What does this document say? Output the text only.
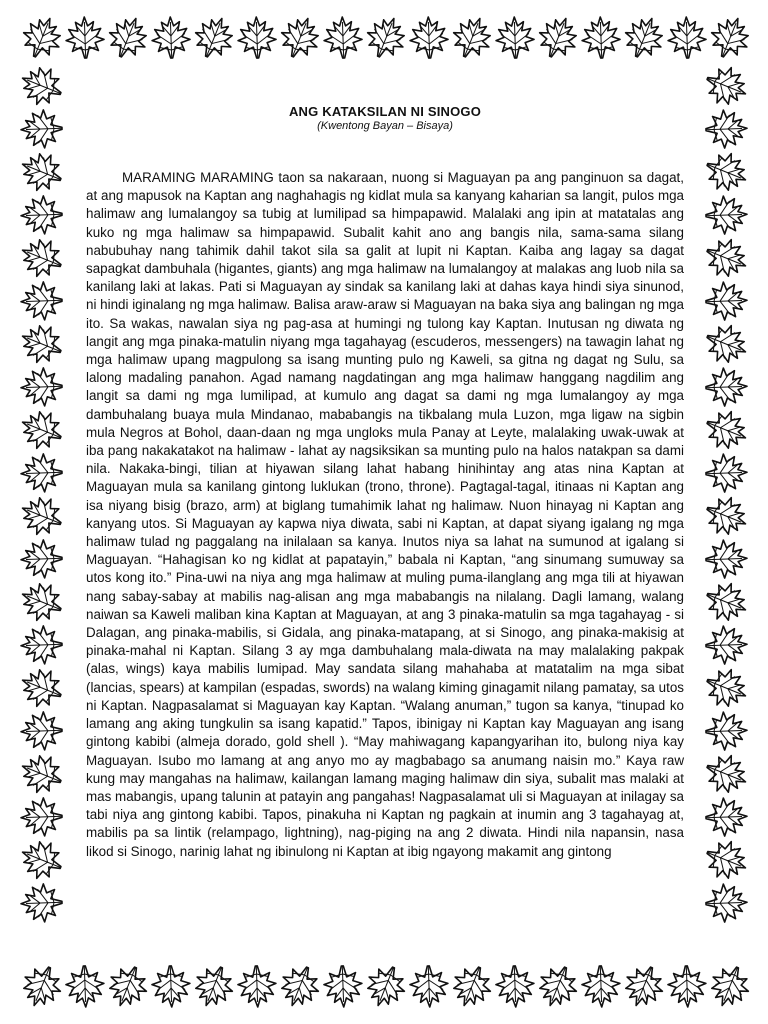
ANG KATAKSILAN NI SINOGO

(Kwentong Bayan – Bisaya)

MARAMING MARAMING taon sa nakaraan, nuong si Maguayan pa ang panginuon sa dagat, at ang mapusok na Kaptan ang naghahagis ng kidlat mula sa kanyang kaharian sa langit, pulos mga halimaw ang lumalangoy sa tubig at lumilipad sa himpapawid. Malalaki ang ipin at matatalas ang kuko ng mga halimaw sa himpapawid. Subalit kahit ano ang bangis nila, sama-sama silang nabubuhay nang tahimik dahil takot sila sa galit at lupit ni Kaptan. Kaiba ang lagay sa dagat sapagkat dambuhala (higantes, giants) ang mga halimaw na lumalangoy at malakas ang luob nila sa kanilang laki at lakas. Pati si Maguayan ay sindak sa kanilang laki at dahas kaya hindi siya sinunod, ni hindi iginalang ng mga halimaw. Balisa araw-araw si Maguayan na baka siya ang balingan ng mga ito. Sa wakas, nawalan siya ng pag-asa at humingi ng tulong kay Kaptan. Inutusan ng diwata ng langit ang mga pinaka-matulin niyang mga tagahayag (escuderos, messengers) na tawagin lahat ng mga halimaw upang magpulong sa isang munting pulo ng Kaweli, sa gitna ng dagat ng Sulu, sa lalong madaling panahon. Agad namang nagdatingan ang mga halimaw hanggang nagdilim ang langit sa dami ng mga lumilipad, at kumulo ang dagat sa dami ng mga lumalangoy ay mga dambuhalang buaya mula Mindanao, mababangis na tikbalang mula Luzon, mga ligaw na sigbin mula Negros at Bohol, daan-daan ng mga ungloks mula Panay at Leyte, malalaking uwak-uwak at iba pang nakakatakot na halimaw - lahat ay nagsiksikan sa munting pulo na halos natakpan sa dami nila. Nakaka-bingi, tilian at hiyawan silang lahat habang hinihintay ang atas nina Kaptan at Maguayan mula sa kanilang gintong luklukan (trono, throne). Pagtagal-tagal, itinaas ni Kaptan ang isa niyang bisig (brazo, arm) at biglang tumahimik lahat ng halimaw. Nuon hinayag ni Kaptan ang kanyang utos. Si Maguayan ay kapwa niya diwata, sabi ni Kaptan, at dapat siyang igalang ng mga halimaw tulad ng paggalang na inilalaan sa kanya. Inutos niya sa lahat na sumunod at igalang si Maguayan. “Hahagisan ko ng kidlat at papatayin,” babala ni Kaptan, “ang sinumang sumuway sa utos kong ito.” Pina-uwi na niya ang mga halimaw at muling puma-ilanglang ang mga tili at hiyawan nang sabay-sabay at mabilis nag-alisan ang mga mababangis na nilalang. Dagli lamang, walang naiwan sa Kaweli maliban kina Kaptan at Maguayan, at ang 3 pinaka-matulin sa mga tagahayag - si Dalagan, ang pinaka-mabilis, si Gidala, ang pinaka-matapang, at si Sinogo, ang pinaka-makisig at pinaka-mahal ni Kaptan. Silang 3 ay mga dambuhalang mala-diwata na may malalaking pakpak (alas, wings) kaya mabilis lumipad. May sandata silang mahahaba at matatalim na mga sibat (lancias, spears) at kampilan (espadas, swords) na walang kiming ginagamit nilang pamatay, sa utos ni Kaptan. Nagpasalamat si Maguayan kay Kaptan. “Walang anuman,” tugon sa kanya, “tinupad ko lamang ang aking tungkulin sa isang kapatid.” Tapos, ibinigay ni Kaptan kay Maguayan ang isang gintong kabibi (almeja dorado, gold shell ). “May mahiwagang kapangyarihan ito, bulong niya kay Maguayan. Isubo mo lamang at ang anyo mo ay magbabago sa anumang naisin mo.” Kaya raw kung may mangahas na halimaw, kailangan lamang maging halimaw din siya, subalit mas malaki at mas mabangis, upang talunin at patayin ang pangahas! Nagpasalamat uli si Maguayan at inilagay sa tabi niya ang gintong kabibi. Tapos, pinakuha ni Kaptan ng pagkain at inumin ang 3 tagahayag at, mabilis pa sa lintik (relampago, lightning), nag-piging na ang 2 diwata. Hindi nila napansin, nasa likod si Sinogo, narinig lahat ng ibinulong ni Kaptan at ibig ngayong makamit ang gintong
